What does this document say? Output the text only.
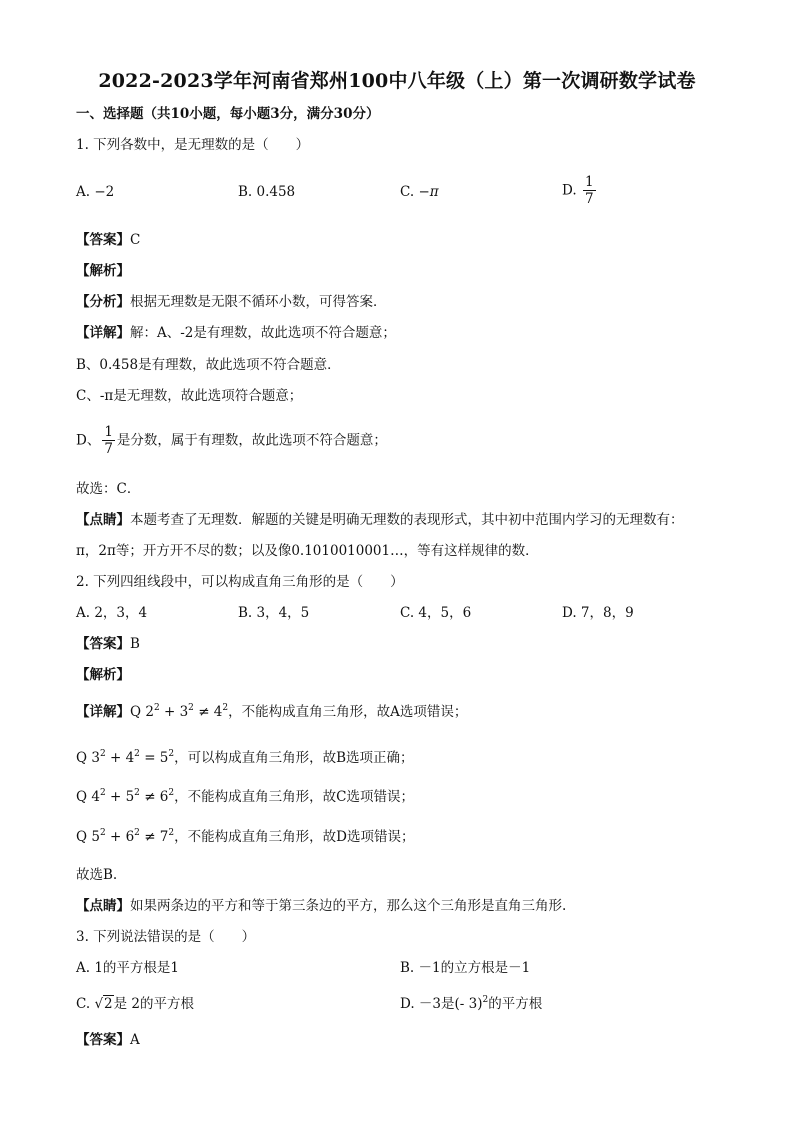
2022-2023学年河南省郑州100中八年级（上）第一次调研数学试卷
一、选择题（共10小题，每小题3分，满分30分）
1. 下列各数中，是无理数的是（　　）
A. −2	B. 0.458	C. −π	D. $\frac{1}{7}$
【答案】C
【解析】
【分析】根据无理数是无限不循环小数，可得答案．
【详解】解：A、-2是有理数，故此选项不符合题意；
B、0.458是有理数，故此选项不符合题意．
C、-π是无理数，故此选项符合题意；
D、 $\frac{1}{7}$ 是分数，属于有理数，故此选项不符合题意；
故选：C．
【点睛】本题考查了无理数．解题的关键是明确无理数的表现形式，其中初中范围内学习的无理数有：
π，2π等；开方开不尽的数；以及像0.1010010001…，等有这样规律的数．
2. 下列四组线段中，可以构成直角三角形的是（　　）
A. 2，3，4	B. 3，4，5	C. 4，5，6	D. 7，8，9
【答案】B
【解析】
【详解】Q $2^2 + 3^2 \ne 4^2$，不能构成直角三角形，故A选项错误；
Q $3^2 + 4^2 = 5^2$，可以构成直角三角形，故B选项正确；
Q $4^2 + 5^2 \ne 6^2$，不能构成直角三角形，故C选项错误；
Q $5^2 + 6^2 \ne 7^2$，不能构成直角三角形，故D选项错误；
故选B.
【点睛】如果两条边的平方和等于第三条边的平方，那么这个三角形是直角三角形.
3. 下列说法错误的是（　　）
A. 1的平方根是1	B. －1的立方根是－1
C. √2是 2的平方根	D. －3是(- 3)$^2$的平方根
【答案】A
